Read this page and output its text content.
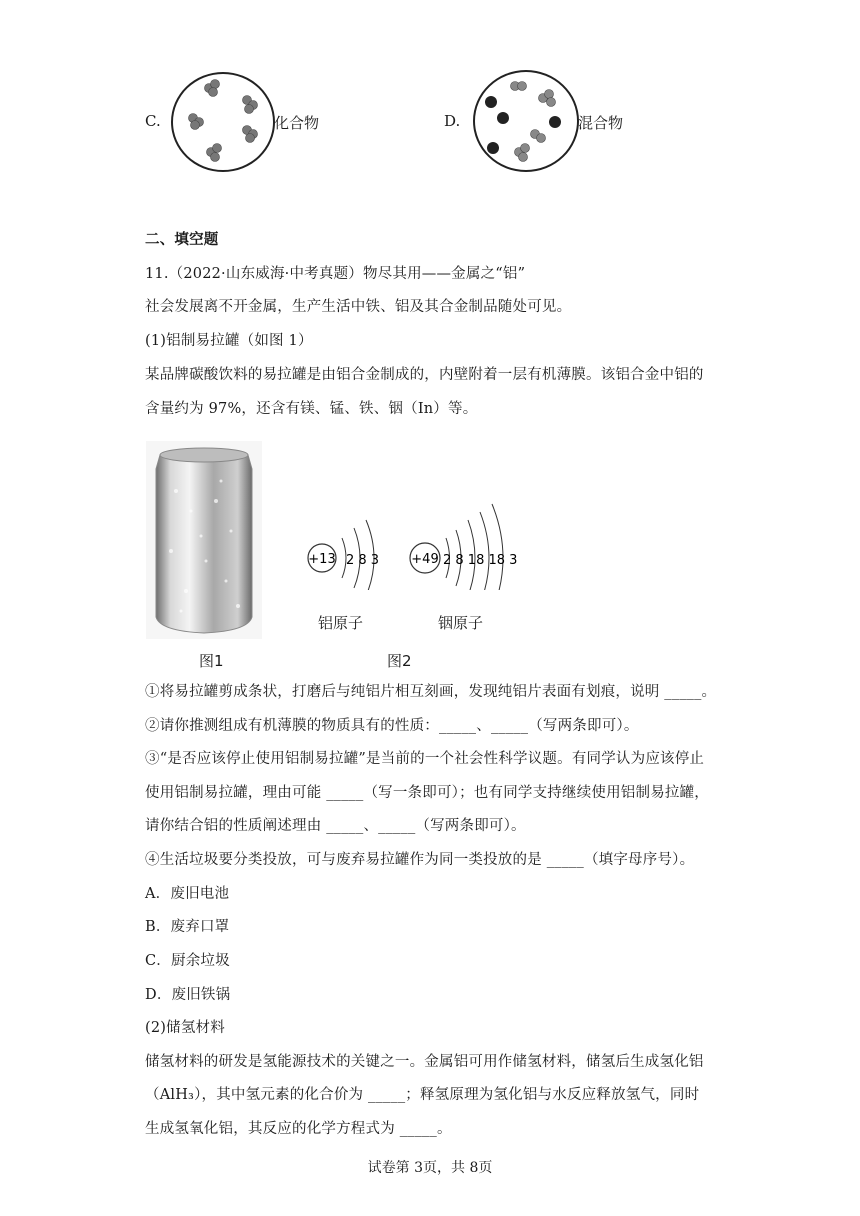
C.	化合物	D.	混合物
二、填空题
11.（2022·山东威海·中考真题）物尽其用——金属之“铝”
社会发展离不开金属，生产生活中铁、铝及其合金制品随处可见。
(1)铝制易拉罐（如图 1）
某品牌碳酸饮料的易拉罐是由铝合金制成的，内壁附着一层有机薄膜。该铝合金中铝的
含量约为 97%，还含有镁、锰、铁、铟（In）等。
+13 2 8 3 +49 2 8 18 18 3
铝原子	铟原子
图1	图2
①将易拉罐剪成条状，打磨后与纯铝片相互刻画，发现纯铝片表面有划痕，说明 _____。
②请你推测组成有机薄膜的物质具有的性质：_____、_____（写两条即可）。
③“是否应该停止使用铝制易拉罐”是当前的一个社会性科学议题。有同学认为应该停止
使用铝制易拉罐，理由可能 _____（写一条即可）；也有同学支持继续使用铝制易拉罐，
请你结合铝的性质阐述理由 _____、_____（写两条即可）。
④生活垃圾要分类投放，可与废弃易拉罐作为同一类投放的是 _____（填字母序号）。
A．废旧电池
B．废弃口罩
C．厨余垃圾
D．废旧铁锅
(2)储氢材料
储氢材料的研发是氢能源技术的关键之一。金属铝可用作储氢材料，储氢后生成氢化铝
（AlH₃），其中氢元素的化合价为 _____；释氢原理为氢化铝与水反应释放氢气，同时
生成氢氧化铝，其反应的化学方程式为 _____。
试卷第 3页，共 8页
